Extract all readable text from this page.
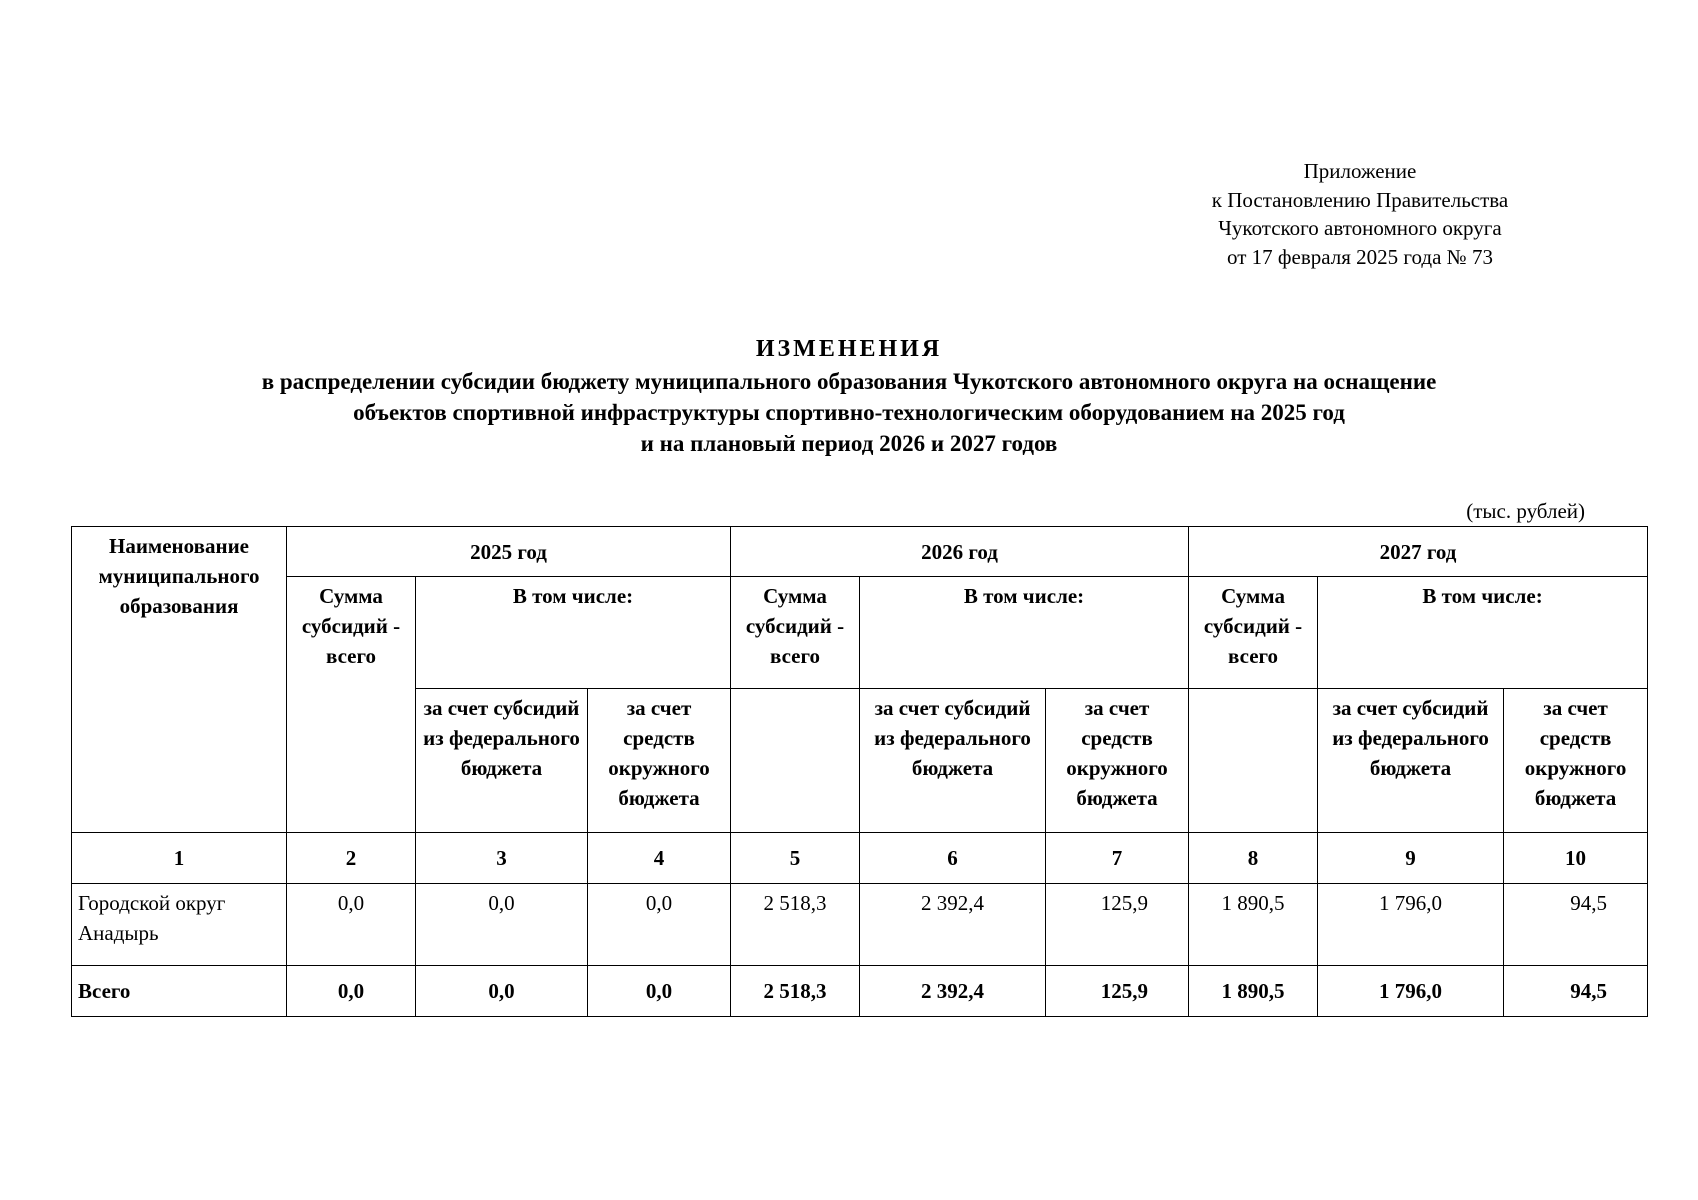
Приложение
к Постановлению Правительства
Чукотского автономного округа
от 17 февраля 2025 года № 73
ИЗМЕНЕНИЯ
в распределении субсидии бюджету муниципального образования Чукотского автономного округа на оснащение
объектов спортивной инфраструктуры спортивно-технологическим оборудованием на 2025 год
и на плановый период 2026 и 2027 годов
(тыс. рублей)
Наименование муниципального образования	2025 год			2026 год			2027 год		
	Сумма субсидий - всего	В том числе:		Сумма субсидий - всего	В том числе:		Сумма субсидий - всего	В том числе:	
		за счет субсидий из федерального бюджета	за счет средств окружного бюджета		за счет субсидий из федерального бюджета	за счет средств окружного бюджета		за счет субсидий из федерального бюджета	за счет средств окружного бюджета
1	2	3	4	5	6	7	8	9	10
Городской округ Анадырь	0,0	0,0	0,0	2 518,3	2 392,4	125,9	1 890,5	1 796,0	94,5
Всего	0,0	0,0	0,0	2 518,3	2 392,4	125,9	1 890,5	1 796,0	94,5
